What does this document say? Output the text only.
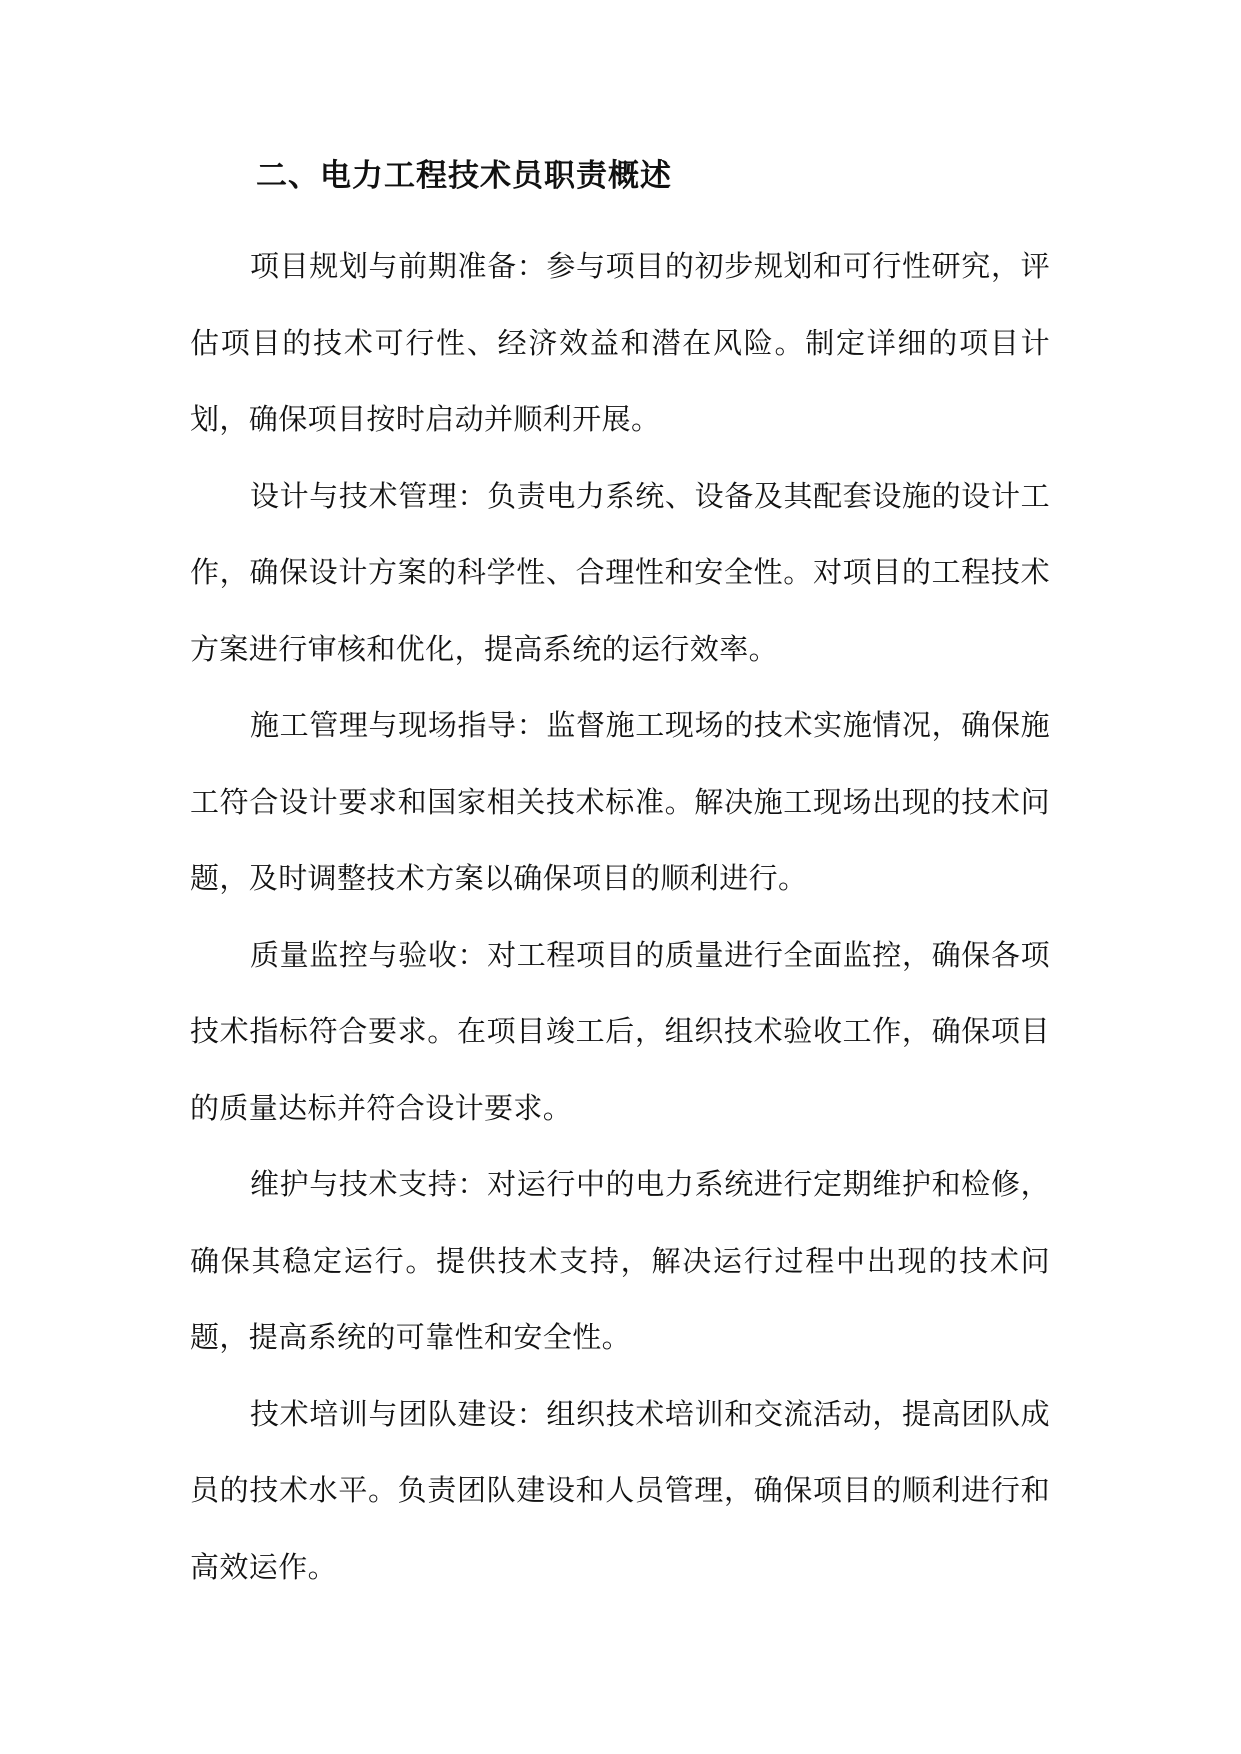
二、电力工程技术员职责概述

项目规划与前期准备：参与项目的初步规划和可行性研究，评估项目的技术可行性、经济效益和潜在风险。制定详细的项目计划，确保项目按时启动并顺利开展。

设计与技术管理：负责电力系统、设备及其配套设施的设计工作，确保设计方案的科学性、合理性和安全性。对项目的工程技术方案进行审核和优化，提高系统的运行效率。

施工管理与现场指导：监督施工现场的技术实施情况，确保施工符合设计要求和国家相关技术标准。解决施工现场出现的技术问题，及时调整技术方案以确保项目的顺利进行。

质量监控与验收：对工程项目的质量进行全面监控，确保各项技术指标符合要求。在项目竣工后，组织技术验收工作，确保项目的质量达标并符合设计要求。

维护与技术支持：对运行中的电力系统进行定期维护和检修，确保其稳定运行。提供技术支持，解决运行过程中出现的技术问题，提高系统的可靠性和安全性。

技术培训与团队建设：组织技术培训和交流活动，提高团队成员的技术水平。负责团队建设和人员管理，确保项目的顺利进行和高效运作。
